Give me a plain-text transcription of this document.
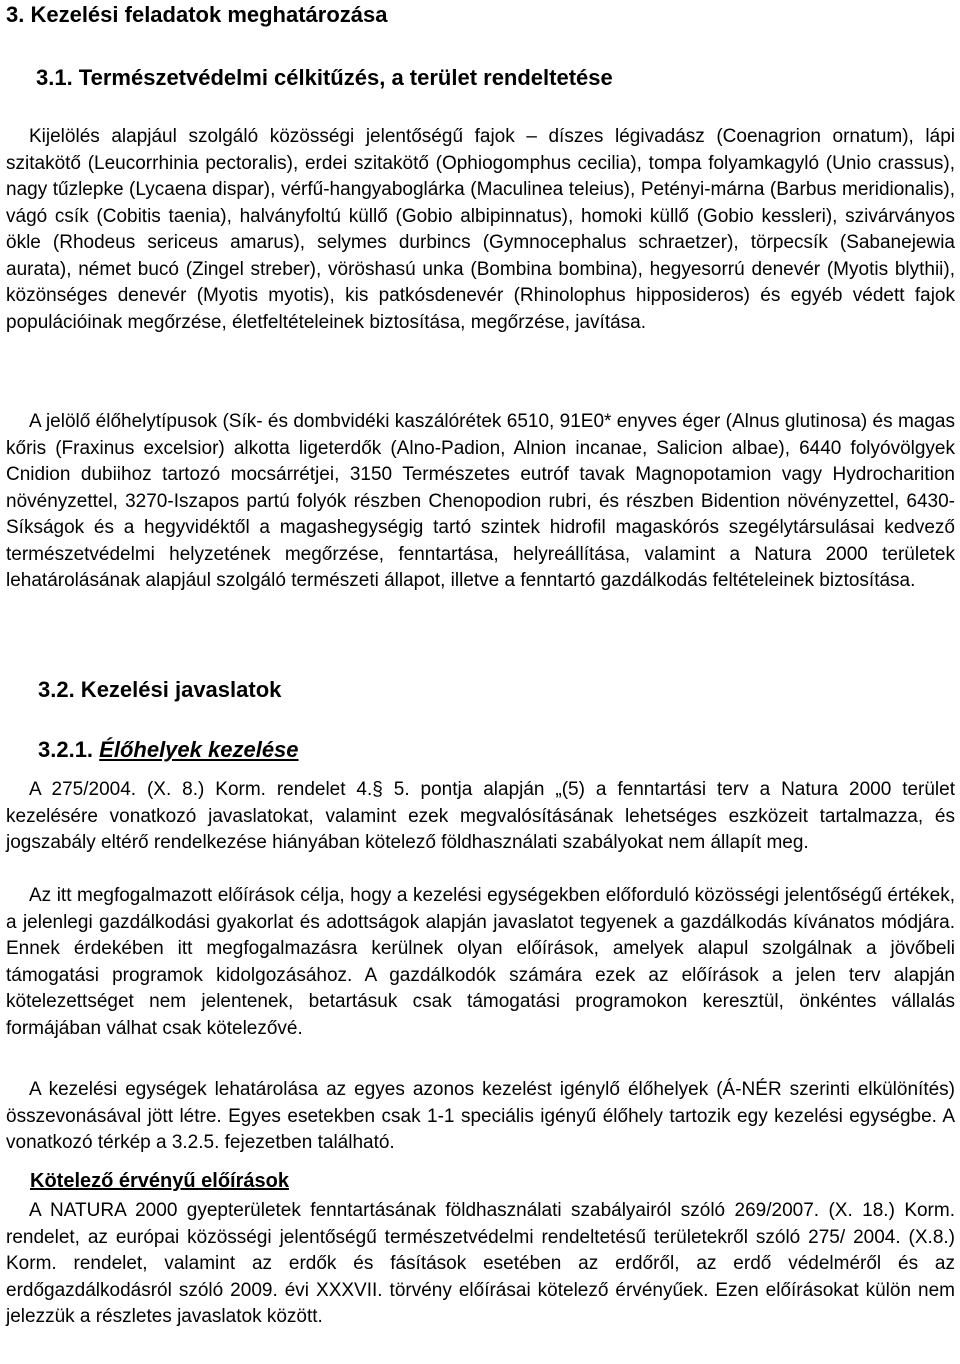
3. Kezelési feladatok meghatározása
3.1. Természetvédelmi célkitűzés, a terület rendeltetése

Kijelölés alapjául szolgáló közösségi jelentőségű fajok – díszes légivadász (Coenagrion ornatum), lápi szitakötő (Leucorrhinia pectoralis), erdei szitakötő (Ophiogomphus cecilia), tompa folyamkagyló (Unio crassus), nagy tűzlepke (Lycaena dispar), vérfű-hangyaboglárka (Maculinea teleius), Petényi-márna (Barbus meridionalis), vágó csík (Cobitis taenia), halványfoltú küllő (Gobio albipinnatus), homoki küllő (Gobio kessleri), szivárványos ökle (Rhodeus sericeus amarus), selymes durbincs (Gymnocephalus schraetzer), törpecsík (Sabanejewia aurata), német bucó (Zingel streber), vöröshasú unka (Bombina bombina), hegyesorrú denevér (Myotis blythii), közönséges denevér (Myotis myotis), kis patkósdenevér (Rhinolophus hipposideros) és egyéb védett fajok populációinak megőrzése, életfeltételeinek biztosítása, megőrzése, javítása.

A jelölő élőhelytípusok (Sík- és dombvidéki kaszálórétek 6510, 91E0* enyves éger (Alnus glutinosa) és magas kőris (Fraxinus excelsior) alkotta ligeterdők (Alno-Padion, Alnion incanae, Salicion albae), 6440 folyóvölgyek Cnidion dubiihoz tartozó mocsárrétjei, 3150 Természetes eutróf tavak Magnopotamion vagy Hydrocharition növényzettel, 3270-Iszapos partú folyók részben Chenopodion rubri, és részben Bidention növényzettel, 6430-Síkságok és a hegyvidéktől a magashegységig tartó szintek hidrofil magaskórós szegélytársulásai kedvező természetvédelmi helyzetének megőrzése, fenntartása, helyreállítása, valamint a Natura 2000 területek lehatárolásának alapjául szolgáló természeti állapot, illetve a fenntartó gazdálkodás feltételeinek biztosítása.

3.2. Kezelési javaslatok
3.2.1. Élőhelyek kezelése

A 275/2004. (X. 8.) Korm. rendelet 4.§ 5. pontja alapján „(5) a fenntartási terv a Natura 2000 terület kezelésére vonatkozó javaslatokat, valamint ezek megvalósításának lehetséges eszközeit tartalmazza, és jogszabály eltérő rendelkezése hiányában kötelező földhasználati szabályokat nem állapít meg.

Az itt megfogalmazott előírások célja, hogy a kezelési egységekben előforduló közösségi jelentőségű értékek, a jelenlegi gazdálkodási gyakorlat és adottságok alapján javaslatot tegyenek a gazdálkodás kívánatos módjára. Ennek érdekében itt megfogalmazásra kerülnek olyan előírások, amelyek alapul szolgálnak a jövőbeli támogatási programok kidolgozásához. A gazdálkodók számára ezek az előírások a jelen terv alapján kötelezettséget nem jelentenek, betartásuk csak támogatási programokon keresztül, önkéntes vállalás formájában válhat csak kötelezővé.

A kezelési egységek lehatárolása az egyes azonos kezelést igénylő élőhelyek (Á-NÉR szerinti elkülönítés) összevonásával jött létre. Egyes esetekben csak 1-1 speciális igényű élőhely tartozik egy kezelési egységbe. A vonatkozó térkép a 3.2.5. fejezetben található.

Kötelező érvényű előírások

A NATURA 2000 gyepterületek fenntartásának földhasználati szabályairól szóló 269/2007. (X. 18.) Korm. rendelet, az európai közösségi jelentőségű természetvédelmi rendeltetésű területekről szóló 275/ 2004. (X.8.) Korm. rendelet, valamint az erdők és fásítások esetében az erdőről, az erdő védelméről és az erdőgazdálkodásról szóló 2009. évi XXXVII. törvény előírásai kötelező érvényűek. Ezen előírásokat külön nem jelezzük a részletes javaslatok között.
